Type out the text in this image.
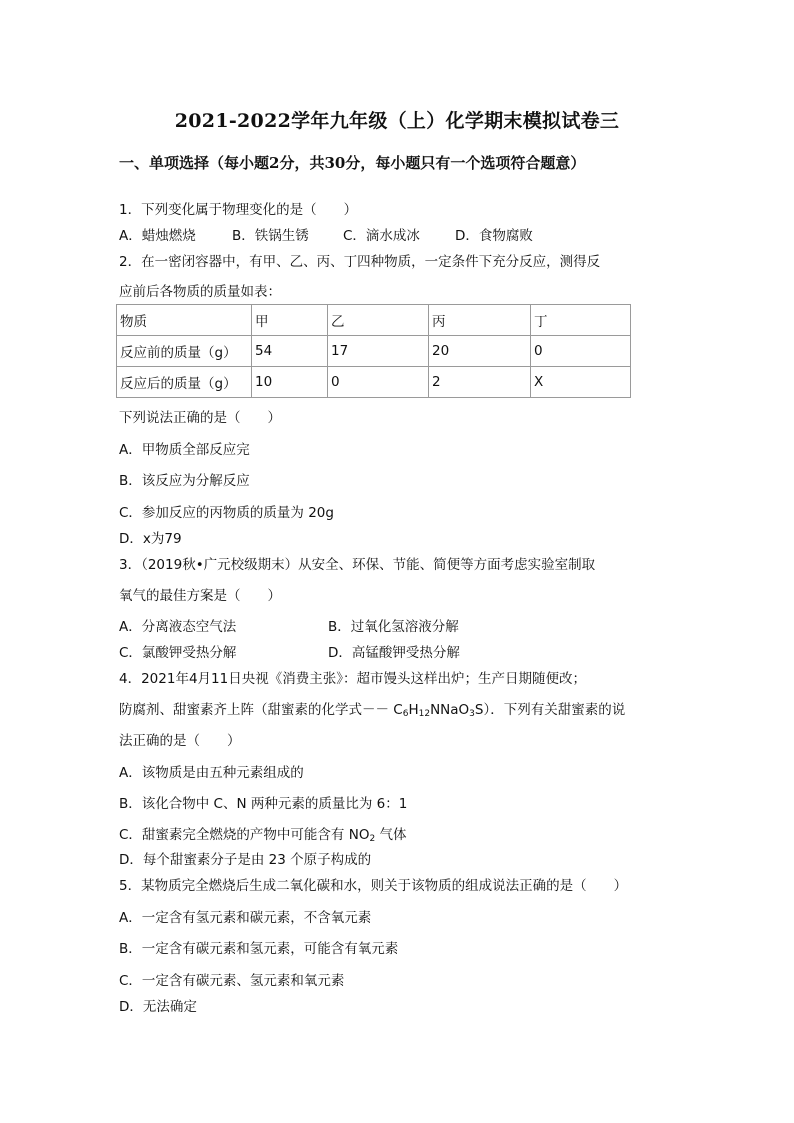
2021-2022学年九年级（上）化学期末模拟试卷三
一、单项选择（每小题2分，共30分，每小题只有一个选项符合题意）
1．下列变化属于物理变化的是（　　）
A．蜡烛燃烧	B．铁锅生锈	C．滴水成冰	D．食物腐败
2．在一密闭容器中，有甲、乙、丙、丁四种物质，一定条件下充分反应，测得反
应前后各物质的质量如表：
物质	甲	乙	丙	丁
反应前的质量（g）	54	17	20	0
反应后的质量（g）	10	0	2	X
下列说法正确的是（　　）
A．甲物质全部反应完
B．该反应为分解反应
C．参加反应的丙物质的质量为 20g
D．x为79
3．（2019秋•广元校级期末）从安全、环保、节能、简便等方面考虑实验室制取
氧气的最佳方案是（　　）
A．分离液态空气法	B．过氧化氢溶液分解
C．氯酸钾受热分解	D．高锰酸钾受热分解
4．2021年4月11日央视《消费主张》：超市馒头这样出炉；生产日期随便改；
防腐剂、甜蜜素齐上阵（甜蜜素的化学式－－ $C_6H_{12}NNaO_3S$）．下列有关甜蜜素的说
法正确的是（　　）
A．该物质是由五种元素组成的
B．该化合物中 C、N 两种元素的质量比为 6：1
C．甜蜜素完全燃烧的产物中可能含有 $NO_2$ 气体
D．每个甜蜜素分子是由 23 个原子构成的
5．某物质完全燃烧后生成二氧化碳和水，则关于该物质的组成说法正确的是（　　）
A．一定含有氢元素和碳元素，不含氧元素
B．一定含有碳元素和氢元素，可能含有氧元素
C．一定含有碳元素、氢元素和氧元素
D．无法确定
